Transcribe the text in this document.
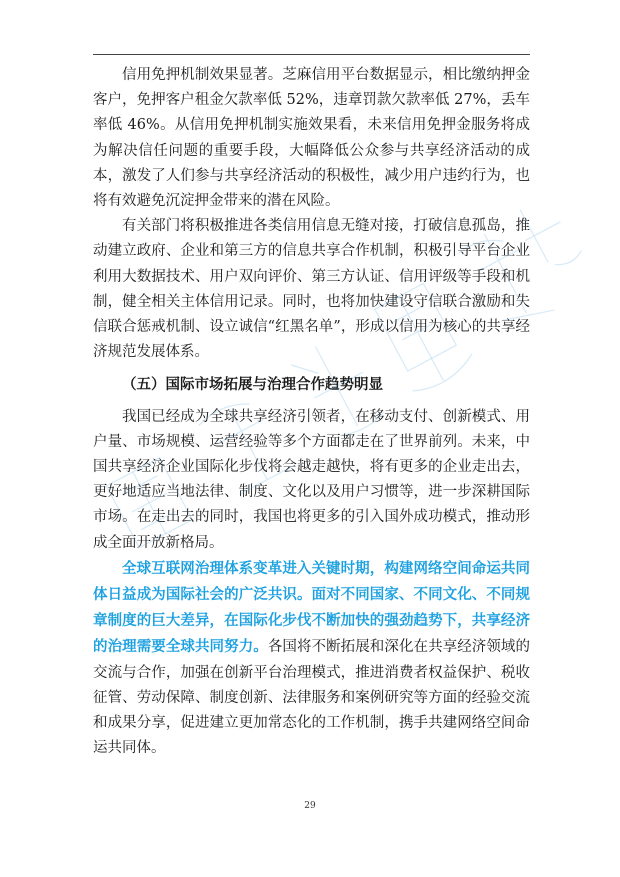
信用免押机制效果显著。芝麻信用平台数据显示，相比缴纳押金客户，免押客户租金欠款率低 52%，违章罚款欠款率低 27%，丢车率低 46%。从信用免押机制实施效果看，未来信用免押金服务将成为解决信任问题的重要手段，大幅降低公众参与共享经济活动的成本，激发了人们参与共享经济活动的积极性，减少用户违约行为，也将有效避免沉淀押金带来的潜在风险。

有关部门将积极推进各类信用信息无缝对接，打破信息孤岛，推动建立政府、企业和第三方的信息共享合作机制，积极引导平台企业利用大数据技术、用户双向评价、第三方认证、信用评级等手段和机制，健全相关主体信用记录。同时，也将加快建设守信联合激励和失信联合惩戒机制、设立诚信“红黑名单”，形成以信用为核心的共享经济规范发展体系。

（五）国际市场拓展与治理合作趋势明显

我国已经成为全球共享经济引领者，在移动支付、创新模式、用户量、市场规模、运营经验等多个方面都走在了世界前列。未来，中国共享经济企业国际化步伐将会越走越快，将有更多的企业走出去，更好地适应当地法律、制度、文化以及用户习惯等，进一步深耕国际市场。在走出去的同时，我国也将更多的引入国外成功模式，推动形成全面开放新格局。

全球互联网治理体系变革进入关键时期，构建网络空间命运共同体日益成为国际社会的广泛共识。面对不同国家、不同文化、不同规章制度的巨大差异，在国际化步伐不断加快的强劲趋势下，共享经济的治理需要全球共同努力。各国将不断拓展和深化在共享经济领域的交流与合作，加强在创新平台治理模式，推进消费者权益保护、税收征管、劳动保障、制度创新、法律服务和案例研究等方面的经验交流和成果分享，促进建立更加常态化的工作机制，携手共建网络空间命运共同体。

29
